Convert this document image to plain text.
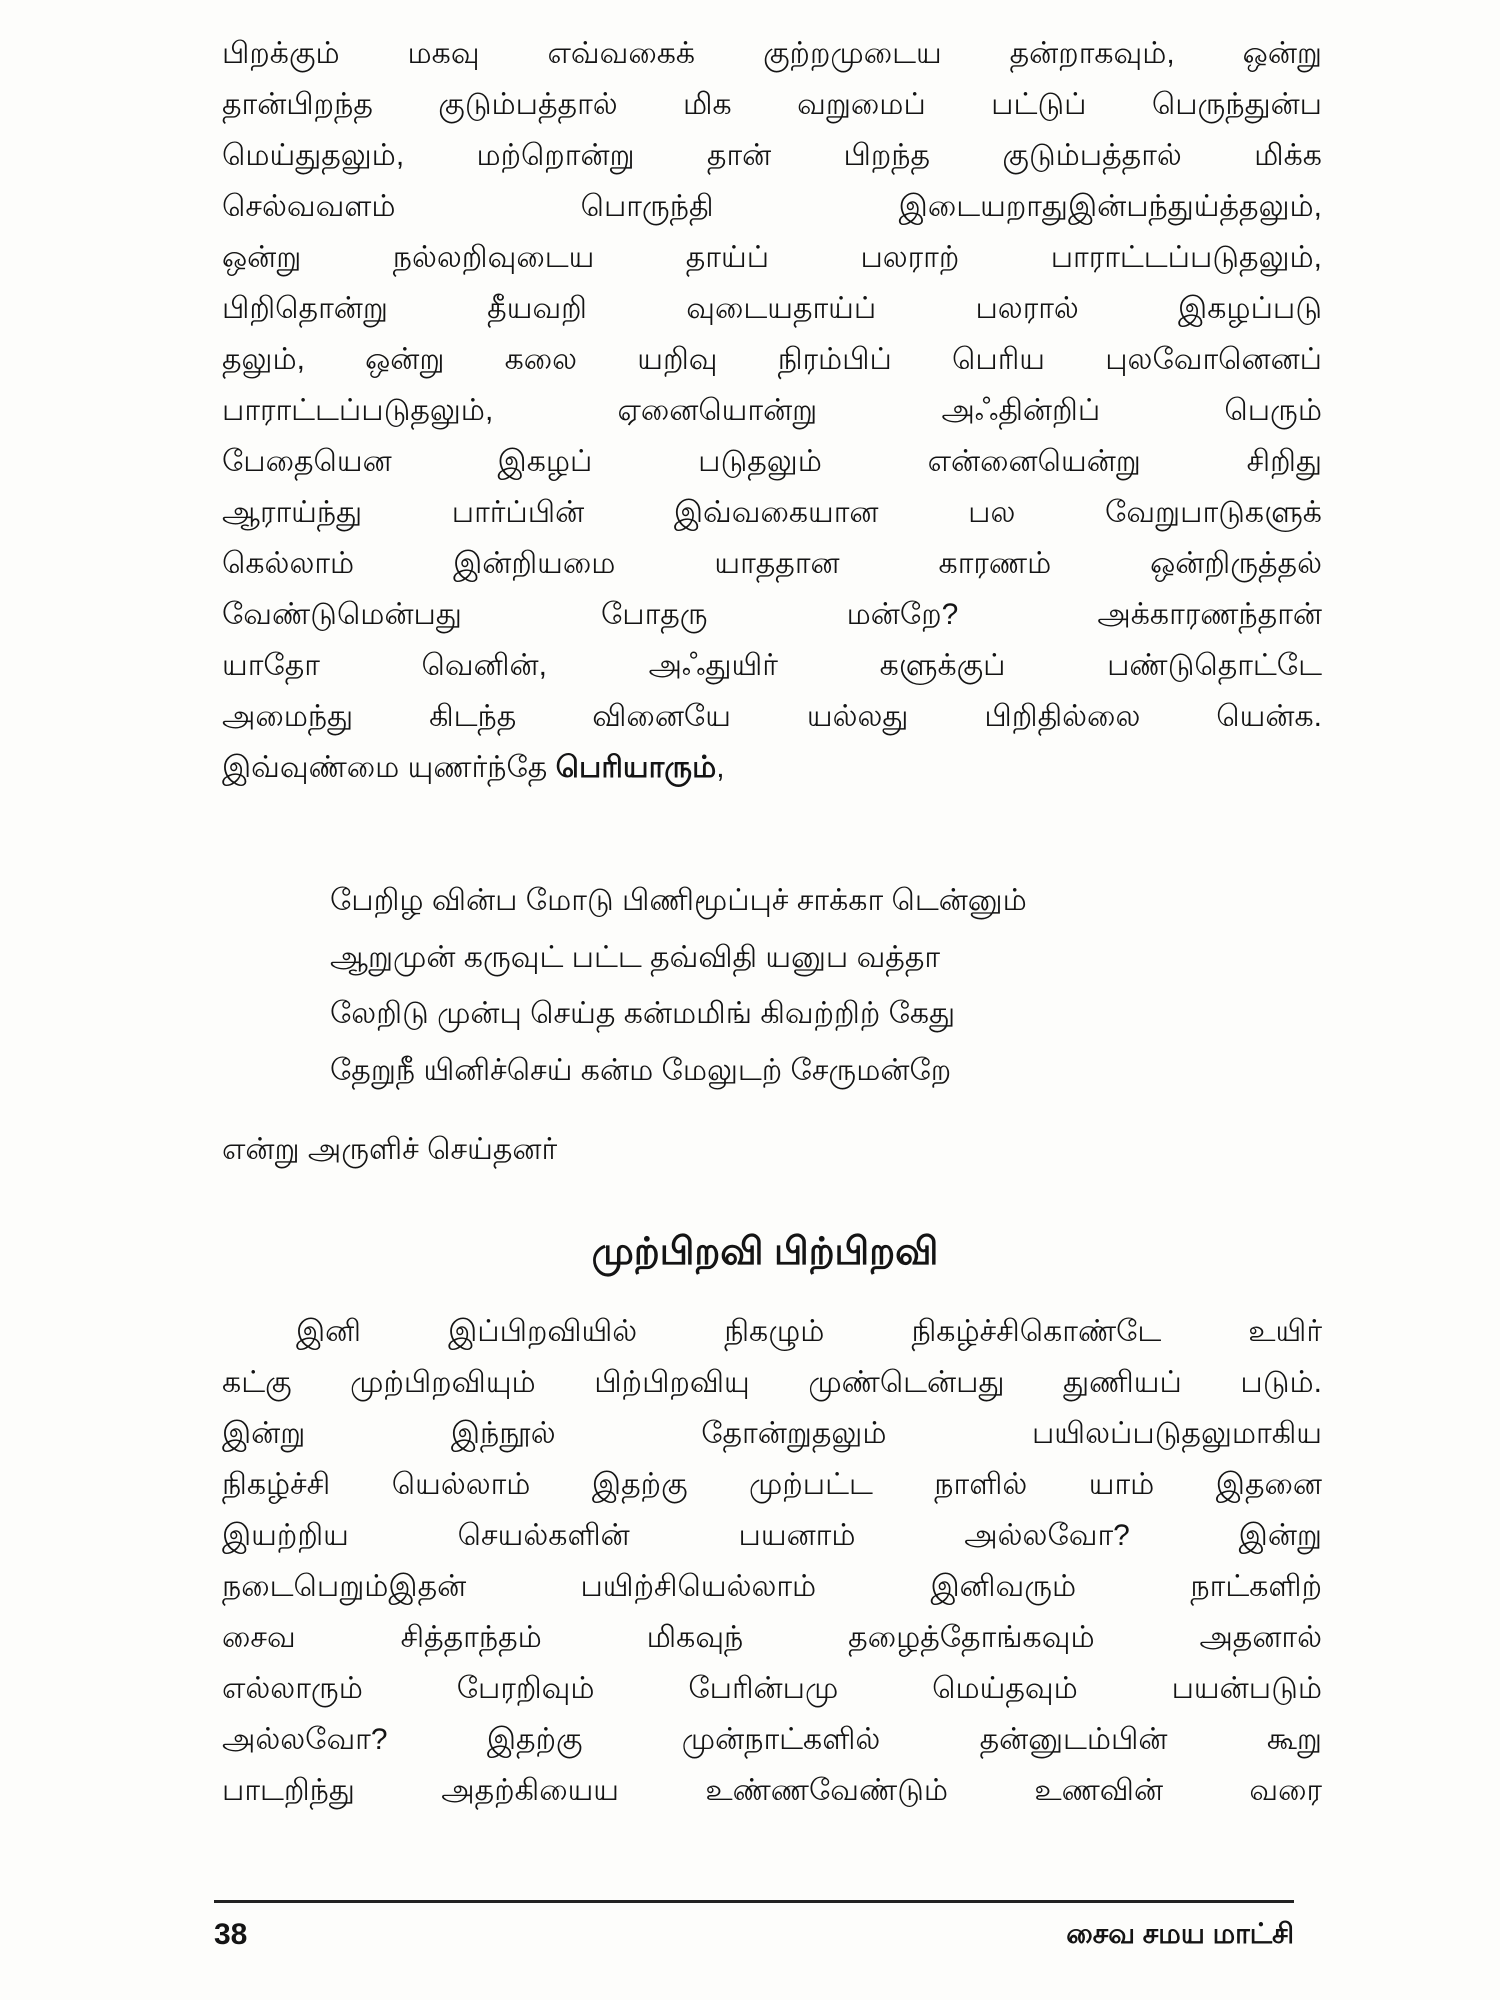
பிறக்கும் மகவு எவ்வகைக் குற்றமுடைய தன்றாகவும், ஒன்று
தான்பிறந்த குடும்பத்தால் மிக வறுமைப் பட்டுப் பெருந்துன்ப
மெய்துதலும், மற்றொன்று தான் பிறந்த குடும்பத்தால் மிக்க
செல்வவளம் பொருந்தி இடையறாதுஇன்பந்துய்த்தலும்,
ஒன்று நல்லறிவுடைய தாய்ப் பலராற் பாராட்டப்படுதலும்,
பிறிதொன்று தீயவறி வுடையதாய்ப் பலரால் இகழப்படு
தலும், ஒன்று கலை யறிவு நிரம்பிப் பெரிய புலவோனெனப்
பாராட்டப்படுதலும், ஏனையொன்று அஃதின்றிப் பெரும்
பேதையென இகழப் படுதலும் என்னையென்று சிறிது
ஆராய்ந்து பார்ப்பின் இவ்வகையான பல வேறுபாடுகளுக்
கெல்லாம் இன்றியமை யாததான காரணம் ஒன்றிருத்தல்
வேண்டுமென்பது போதரு மன்றே? அக்காரணந்தான்
யாதோ வெனின், அஃதுயிர் களுக்குப் பண்டுதொட்டே
அமைந்து கிடந்த வினையே யல்லது பிறிதில்லை யென்க.
இவ்வுண்மை யுணர்ந்தே பெரியாரும்,
பேறிழ வின்ப மோடு பிணிமூப்புச் சாக்கா டென்னும்
ஆறுமுன் கருவுட் பட்ட தவ்விதி யனுப வத்தா
லேறிடு முன்பு செய்த கன்மமிங் கிவற்றிற் கேது
தேறுநீ யினிச்செய் கன்ம மேலுடற் சேருமன்றே
என்று அருளிச் செய்தனர்
முற்பிறவி பிற்பிறவி
இனி இப்பிறவியில் நிகழும் நிகழ்ச்சிகொண்டே உயிர்
கட்கு முற்பிறவியும் பிற்பிறவியு முண்டென்பது துணியப் படும்.
இன்று இந்நூல் தோன்றுதலும் பயிலப்படுதலுமாகிய
நிகழ்ச்சி யெல்லாம் இதற்கு முற்பட்ட நாளில் யாம் இதனை
இயற்றிய செயல்களின் பயனாம் அல்லவோ? இன்று
நடைபெறும்இதன் பயிற்சியெல்லாம் இனிவரும் நாட்களிற்
சைவ சித்தாந்தம் மிகவுந் தழைத்தோங்கவும் அதனால்
எல்லாரும் பேரறிவும் பேரின்பமு மெய்தவும் பயன்படும்
அல்லவோ? இதற்கு முன்நாட்களில் தன்னுடம்பின் கூறு
பாடறிந்து அதற்கியைய உண்ணவேண்டும் உணவின் வரை
38	சைவ சமய மாட்சி
